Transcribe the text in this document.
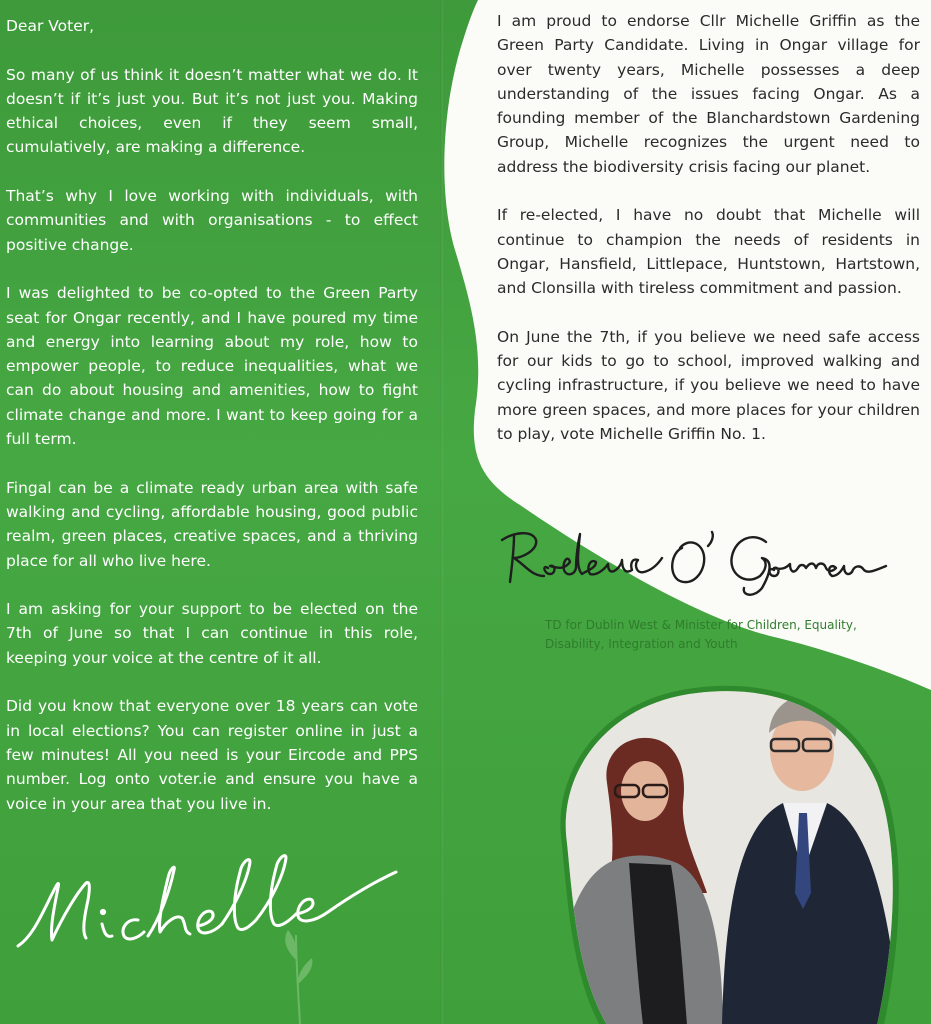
Dear Voter,

So many of us think it doesn’t matter what we do. It doesn’t if it’s just you. But it’s not just you. Making ethical choices, even if they seem small, cumulatively, are making a difference.

That’s why I love working with individuals, with communities and with organisations - to effect positive change.

I was delighted to be co-opted to the Green Party seat for Ongar recently, and I have poured my time and energy into learning about my role, how to empower people, to reduce inequalities, what we can do about housing and amenities, how to fight climate change and more. I want to keep going for a full term.

Fingal can be a climate ready urban area with safe walking and cycling, affordable housing, good public realm, green places, creative spaces, and a thriving place for all who live here.

I am asking for your support to be elected on the 7th of June so that I can continue in this role, keeping your voice at the centre of it all.

Did you know that everyone over 18 years can vote in local elections? You can register online in just a few minutes! All you need is your Eircode and PPS number. Log onto voter.ie and ensure you have a voice in your area that you live in.

I am proud to endorse Cllr Michelle Griffin as the Green Party Candidate. Living in Ongar village for over twenty years, Michelle possesses a deep understanding of the issues facing Ongar. As a founding member of the Blanchardstown Gardening Group, Michelle recognizes the urgent need to address the biodiversity crisis facing our planet.

If re-elected, I have no doubt that Michelle will continue to champion the needs of residents in Ongar, Hansfield, Littlepace, Huntstown, Hartstown, and Clonsilla with tireless commitment and passion.

On June the 7th, if you believe we need safe access for our kids to go to school, improved walking and cycling infrastructure, if you believe we need to have more green spaces, and more places for your children to play, vote Michelle Griffin No. 1.

TD for Dublin West & Minister for Children, Equality, Disability, Integration and Youth
